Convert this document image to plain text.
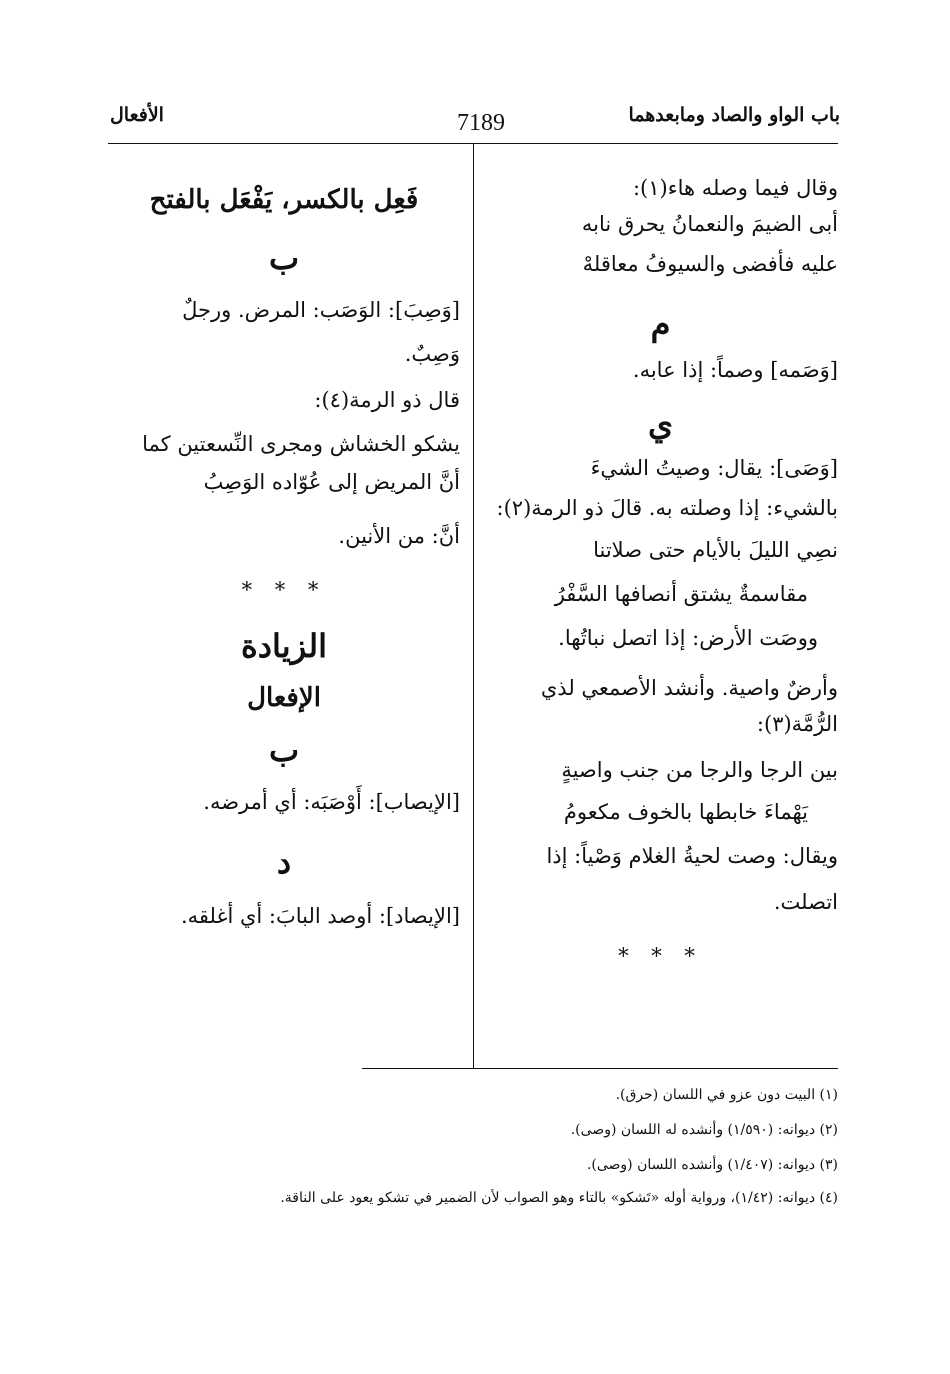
باب الواو والصاد ومابعدهما
7189
الأفعال

وقال فيما وصله هاء(١):

أبى الضيمَ والنعمانُ يحرق نابه

عليه فأفضى والسيوفُ معاقلهْ

م

[وَصَمه] وصماً: إذا عابه.

ي

[وَصَى]: يقال: وصيتُ الشيءَ

بالشيء: إذا وصلته به. قالَ ذو الرمة(٢):

نصِي الليلَ بالأيام حتى صلاتنا

مقاسمةٌ يشتق أنصافها السَّفْرُ

ووصَت الأرض: إذا اتصل نباتُها.

وأرضٌ واصية. وأنشد الأصمعي لذي

الرُّمَّة(٣):

بين الرجا والرجا من جنب واصيةٍ

يَهْماءَ خابطها بالخوف مكعومُ

ويقال: وصت لحيةُ الغلام وَصْياً: إذا

اتصلت.

* * *

فَعِل بالكسر، يَفْعَل بالفتح

ب

[وَصِبَ]: الوَصَب: المرض. ورجلٌ

وَصِبٌ.

قال ذو الرمة(٤):

يشكو الخشاش ومجرى النِّسعتين كما

أنَّ المريض إلى عُوّاده الوَصِبُ

أنَّ: من الأنين.

* * *

الزيادة

الإفعال

ب

[الإيصاب]: أَوْصَبَه: أي أمرضه.

د

[الإيصاد]: أوصد البابَ: أي أغلقه.

(١) البيت دون عزو في اللسان (حرق).
(٢) ديوانه: (١/٥٩٠) وأنشده له اللسان (وصى).
(٣) ديوانه: (١/٤٠٧) وأنشده اللسان (وصى).
(٤) ديوانه: (١/٤٢)، ورواية أوله «تَشكو» بالتاء وهو الصواب لأن الضمير في تشكو يعود على الناقة.
